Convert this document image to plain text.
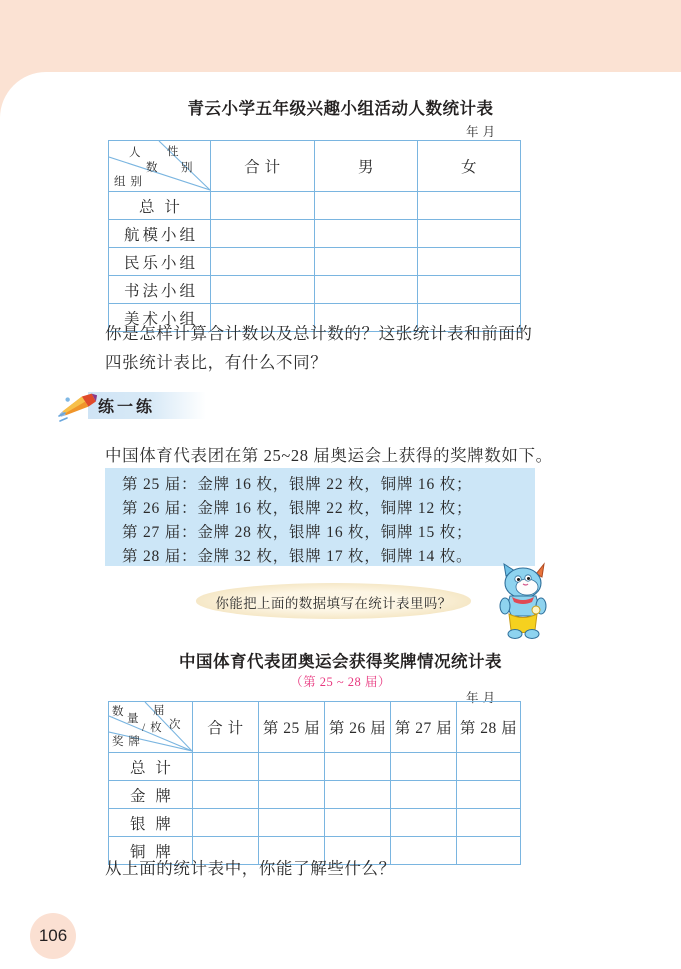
青云小学五年级兴趣小组活动人数统计表
年 月
人
数
性
别
组 别	合 计	男	女
总 计			
航模小组			
民乐小组			
书法小组			
美术小组			
你是怎样计算合计数以及总计数的？这张统计表和前面的
四张统计表比，有什么不同？
练一练
中国体育代表团在第 25~28 届奥运会上获得的奖牌数如下。
第 25 届：金牌 16 枚，银牌 22 枚，铜牌 16 枚；
第 26 届：金牌 16 枚，银牌 22 枚，铜牌 12 枚；
第 27 届：金牌 28 枚，银牌 16 枚，铜牌 15 枚；
第 28 届：金牌 32 枚，银牌 17 枚，铜牌 14 枚。
你能把上面的数据填写在统计表里吗？
中国体育代表团奥运会获得奖牌情况统计表
（第 25 ~ 28 届）
年 月
数
量
/ 枚
届
次
奖 牌
	合 计	第 25 届	第 26 届	第 27 届	第 28 届
总 计					
金 牌					
银 牌					
铜 牌					
从上面的统计表中，你能了解些什么？
106
